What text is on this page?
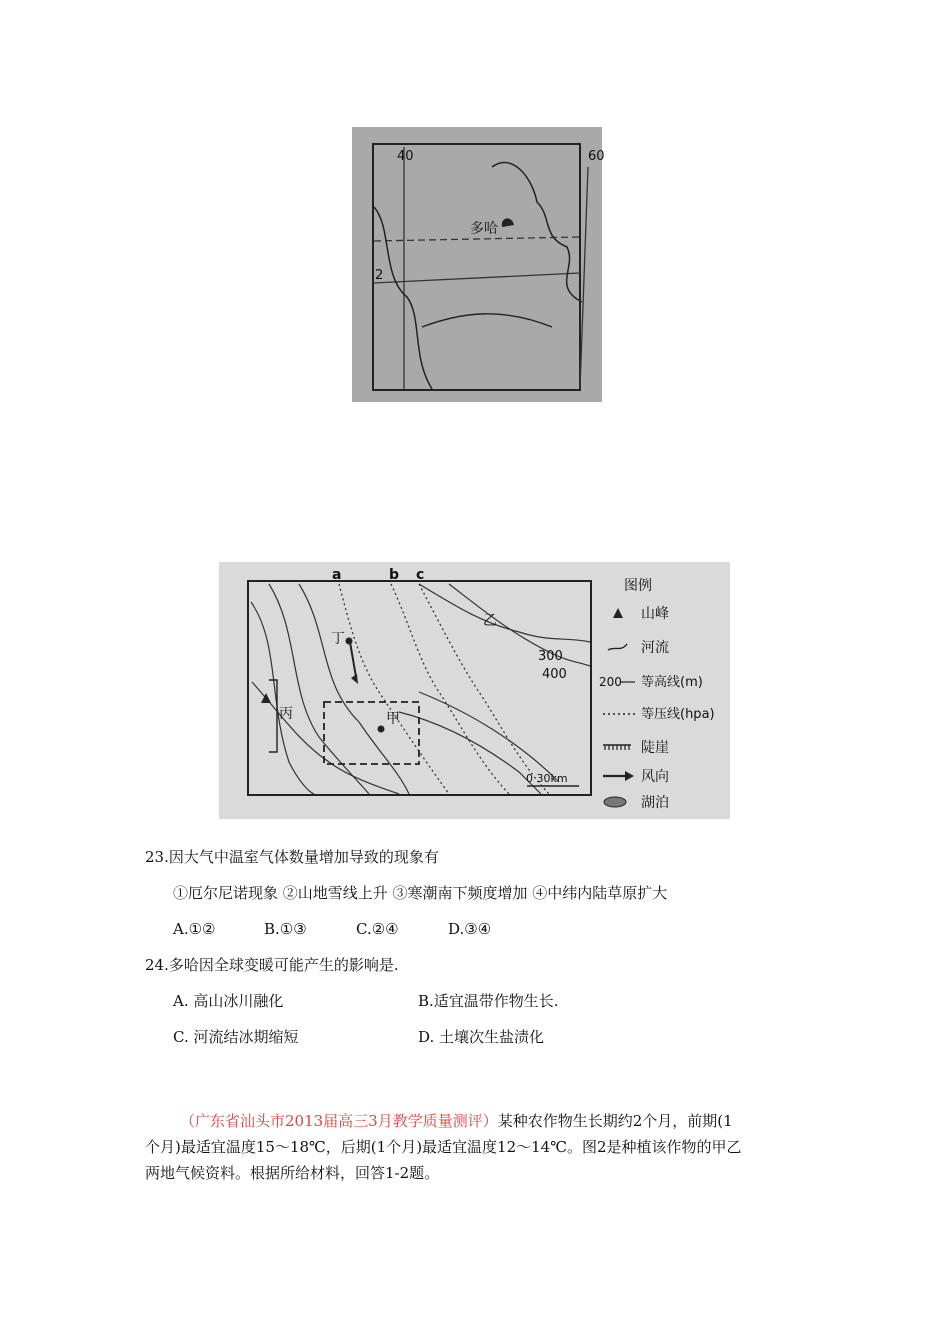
40	60
2
多哈
a	b c
丁
乙
丙	甲
300
400
0 30km
图例
山峰
河流
200 等高线(m)
等压线(hpa)
陡崖
风向
湖泊
23.因大气中温室气体数量增加导致的现象有
①厄尔尼诺现象 ②山地雪线上升 ③寒潮南下频度增加 ④中纬内陆草原扩大
A.①②	B.①③	C.②④	D.③④
24.多哈因全球变暖可能产生的影响是.
A. 高山冰川融化	B.适宜温带作物生长.
C. 河流结冰期缩短	D. 土壤次生盐渍化
（广东省汕头市2013届高三3月教学质量测评）某种农作物生长期约2个月，前期(1
个月)最适宜温度15～18℃，后期(1个月)最适宜温度12～14℃。图2是种植该作物的甲乙
两地气候资料。根据所给材料，回答1-2题。
